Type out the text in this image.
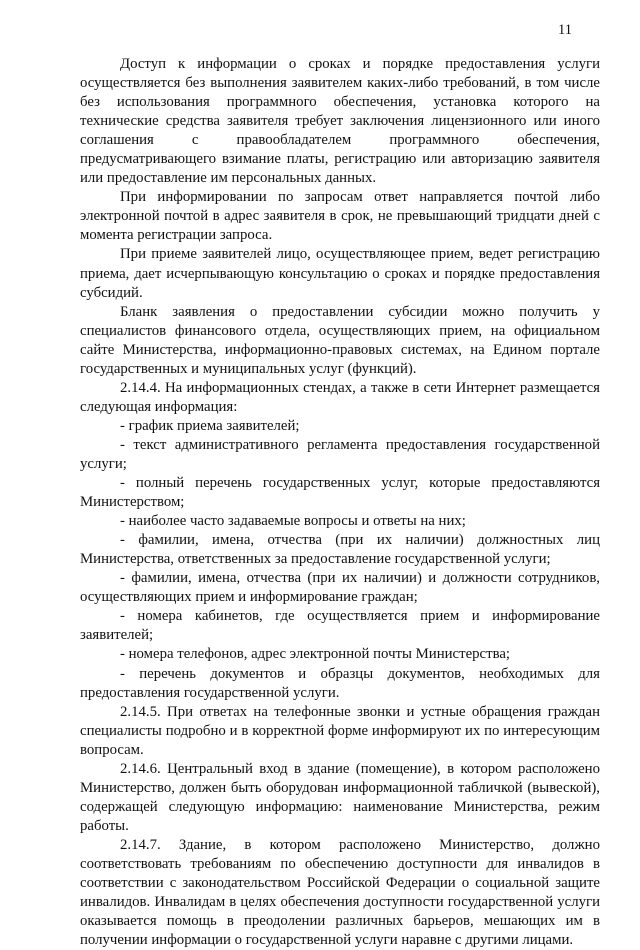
11

Доступ к информации о сроках и порядке предоставления услуги осуществляется без выполнения заявителем каких-либо требований, в том числе без использования программного обеспечения, установка которого на технические средства заявителя требует заключения лицензионного или иного соглашения с правообладателем программного обеспечения, предусматривающего взимание платы, регистрацию или авторизацию заявителя или предоставление им персональных данных.

При информировании по запросам ответ направляется почтой либо электронной почтой в адрес заявителя в срок, не превышающий тридцати дней с момента регистрации запроса.

При приеме заявителей лицо, осуществляющее прием, ведет регистрацию приема, дает исчерпывающую консультацию о сроках и порядке предоставления субсидий.

Бланк заявления о предоставлении субсидии можно получить у специалистов финансового отдела, осуществляющих прием, на официальном сайте Министерства, информационно-правовых системах, на Едином портале государственных и муниципальных услуг (функций).

2.14.4. На информационных стендах, а также в сети Интернет размещается следующая информация:

- график приема заявителей;

- текст административного регламента предоставления государственной услуги;

- полный перечень государственных услуг, которые предоставляются Министерством;

- наиболее часто задаваемые вопросы и ответы на них;

- фамилии, имена, отчества (при их наличии) должностных лиц Министерства, ответственных за предоставление государственной услуги;

- фамилии, имена, отчества (при их наличии) и должности сотрудников, осуществляющих прием и информирование граждан;

- номера кабинетов, где осуществляется прием и информирование заявителей;

- номера телефонов, адрес электронной почты Министерства;

- перечень документов и образцы документов, необходимых для предоставления государственной услуги.

2.14.5. При ответах на телефонные звонки и устные обращения граждан специалисты подробно и в корректной форме информируют их по интересующим вопросам.

2.14.6. Центральный вход в здание (помещение), в котором расположено Министерство, должен быть оборудован информационной табличкой (вывеской), содержащей следующую информацию: наименование Министерства, режим работы.

2.14.7. Здание, в котором расположено Министерство, должно соответствовать требованиям по обеспечению доступности для инвалидов в соответствии с законодательством Российской Федерации о социальной защите инвалидов. Инвалидам в целях обеспечения доступности государственной услуги оказывается помощь в преодолении различных барьеров, мешающих им в получении информации о государственной услуги наравне с другими лицами.
